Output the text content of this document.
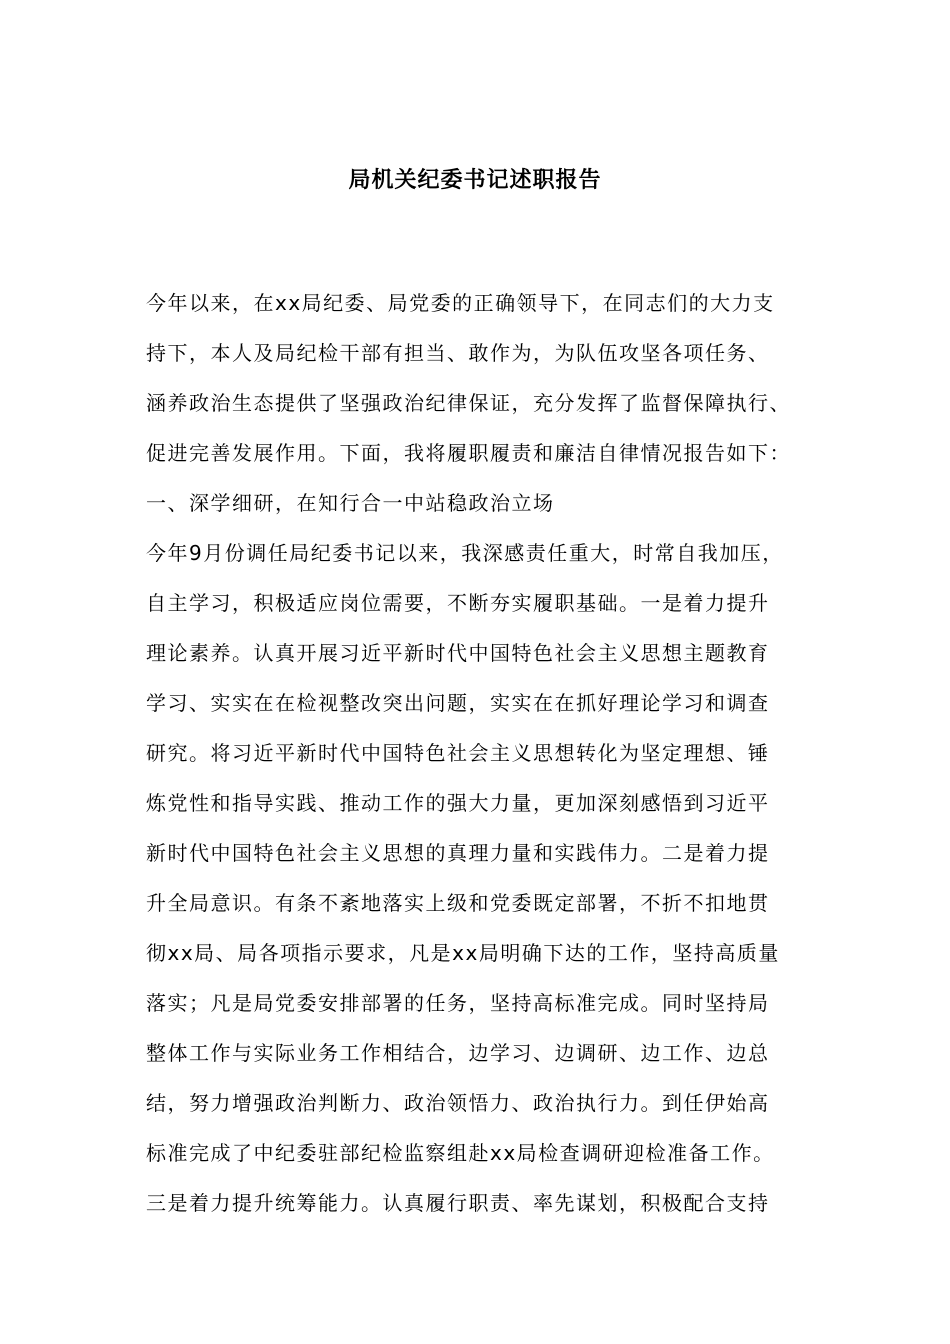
局机关纪委书记述职报告
今年以来，在xx局纪委、局党委的正确领导下，在同志们的大力支
持下，本人及局纪检干部有担当、敢作为，为队伍攻坚各项任务、
涵养政治生态提供了坚强政治纪律保证，充分发挥了监督保障执行、
促进完善发展作用。下面，我将履职履责和廉洁自律情况报告如下：
一、深学细研，在知行合一中站稳政治立场
今年9月份调任局纪委书记以来，我深感责任重大，时常自我加压，
自主学习，积极适应岗位需要，不断夯实履职基础。一是着力提升
理论素养。认真开展习近平新时代中国特色社会主义思想主题教育
学习、实实在在检视整改突出问题，实实在在抓好理论学习和调查
研究。将习近平新时代中国特色社会主义思想转化为坚定理想、锤
炼党性和指导实践、推动工作的强大力量，更加深刻感悟到习近平
新时代中国特色社会主义思想的真理力量和实践伟力。二是着力提
升全局意识。有条不紊地落实上级和党委既定部署，不折不扣地贯
彻xx局、局各项指示要求，凡是xx局明确下达的工作，坚持高质量
落实；凡是局党委安排部署的任务，坚持高标准完成。同时坚持局
整体工作与实际业务工作相结合，边学习、边调研、边工作、边总
结，努力增强政治判断力、政治领悟力、政治执行力。到任伊始高
标准完成了中纪委驻部纪检监察组赴xx局检查调研迎检准备工作。
三是着力提升统筹能力。认真履行职责、率先谋划，积极配合支持
